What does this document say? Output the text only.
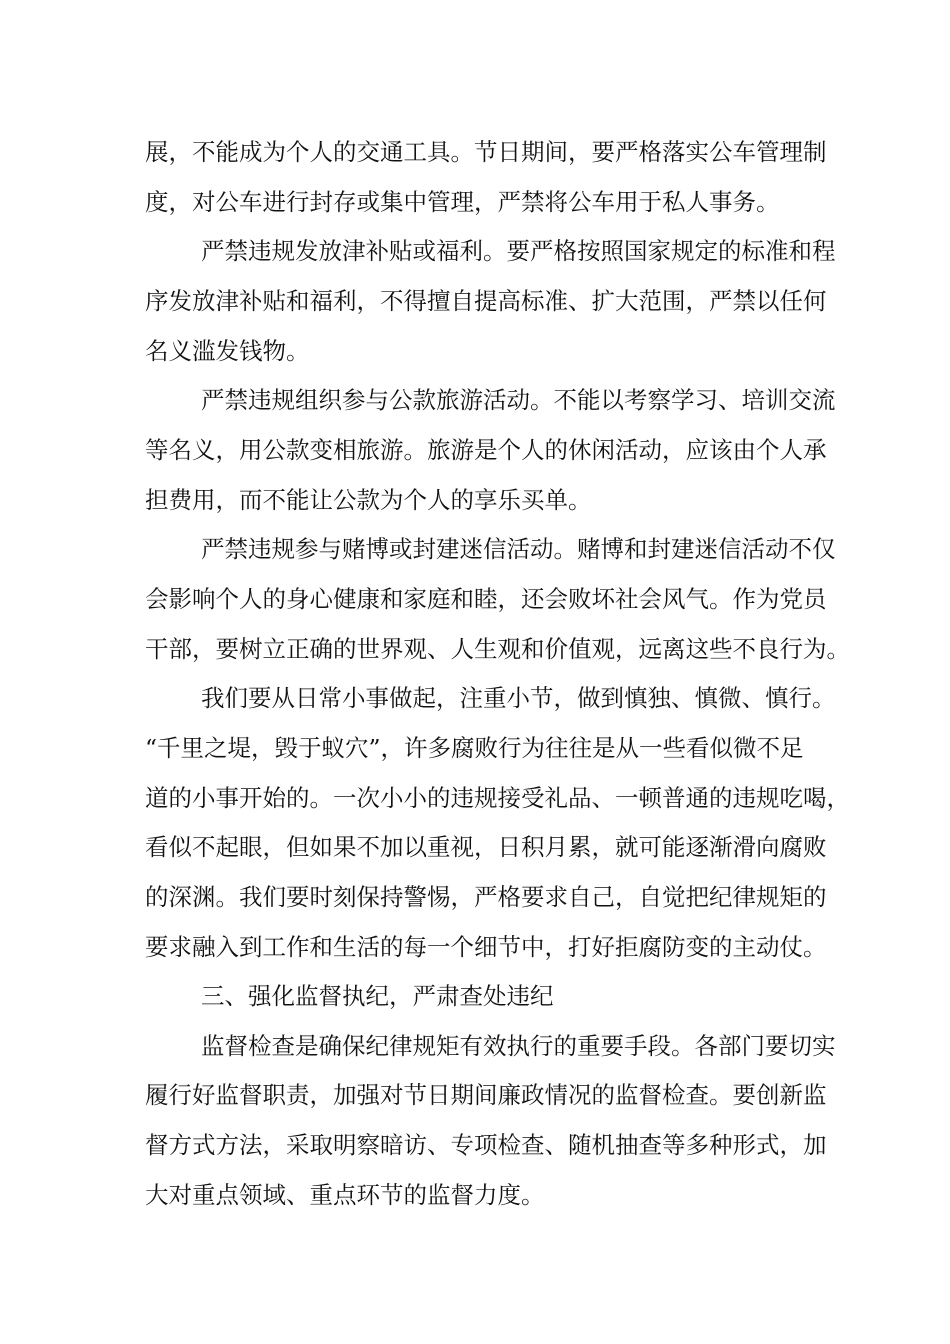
展，不能成为个人的交通工具。节日期间，要严格落实公车管理制
度，对公车进行封存或集中管理，严禁将公车用于私人事务。
严禁违规发放津补贴或福利。要严格按照国家规定的标准和程
序发放津补贴和福利，不得擅自提高标准、扩大范围，严禁以任何
名义滥发钱物。
严禁违规组织参与公款旅游活动。不能以考察学习、培训交流
等名义，用公款变相旅游。旅游是个人的休闲活动，应该由个人承
担费用，而不能让公款为个人的享乐买单。
严禁违规参与赌博或封建迷信活动。赌博和封建迷信活动不仅
会影响个人的身心健康和家庭和睦，还会败坏社会风气。作为党员
干部，要树立正确的世界观、人生观和价值观，远离这些不良行为。
我们要从日常小事做起，注重小节，做到慎独、慎微、慎行。
“千里之堤，毁于蚁穴”，许多腐败行为往往是从一些看似微不足
道的小事开始的。一次小小的违规接受礼品、一顿普通的违规吃喝，
看似不起眼，但如果不加以重视，日积月累，就可能逐渐滑向腐败
的深渊。我们要时刻保持警惕，严格要求自己，自觉把纪律规矩的
要求融入到工作和生活的每一个细节中，打好拒腐防变的主动仗。
三、强化监督执纪，严肃查处违纪
监督检查是确保纪律规矩有效执行的重要手段。各部门要切实
履行好监督职责，加强对节日期间廉政情况的监督检查。要创新监
督方式方法，采取明察暗访、专项检查、随机抽查等多种形式，加
大对重点领域、重点环节的监督力度。
